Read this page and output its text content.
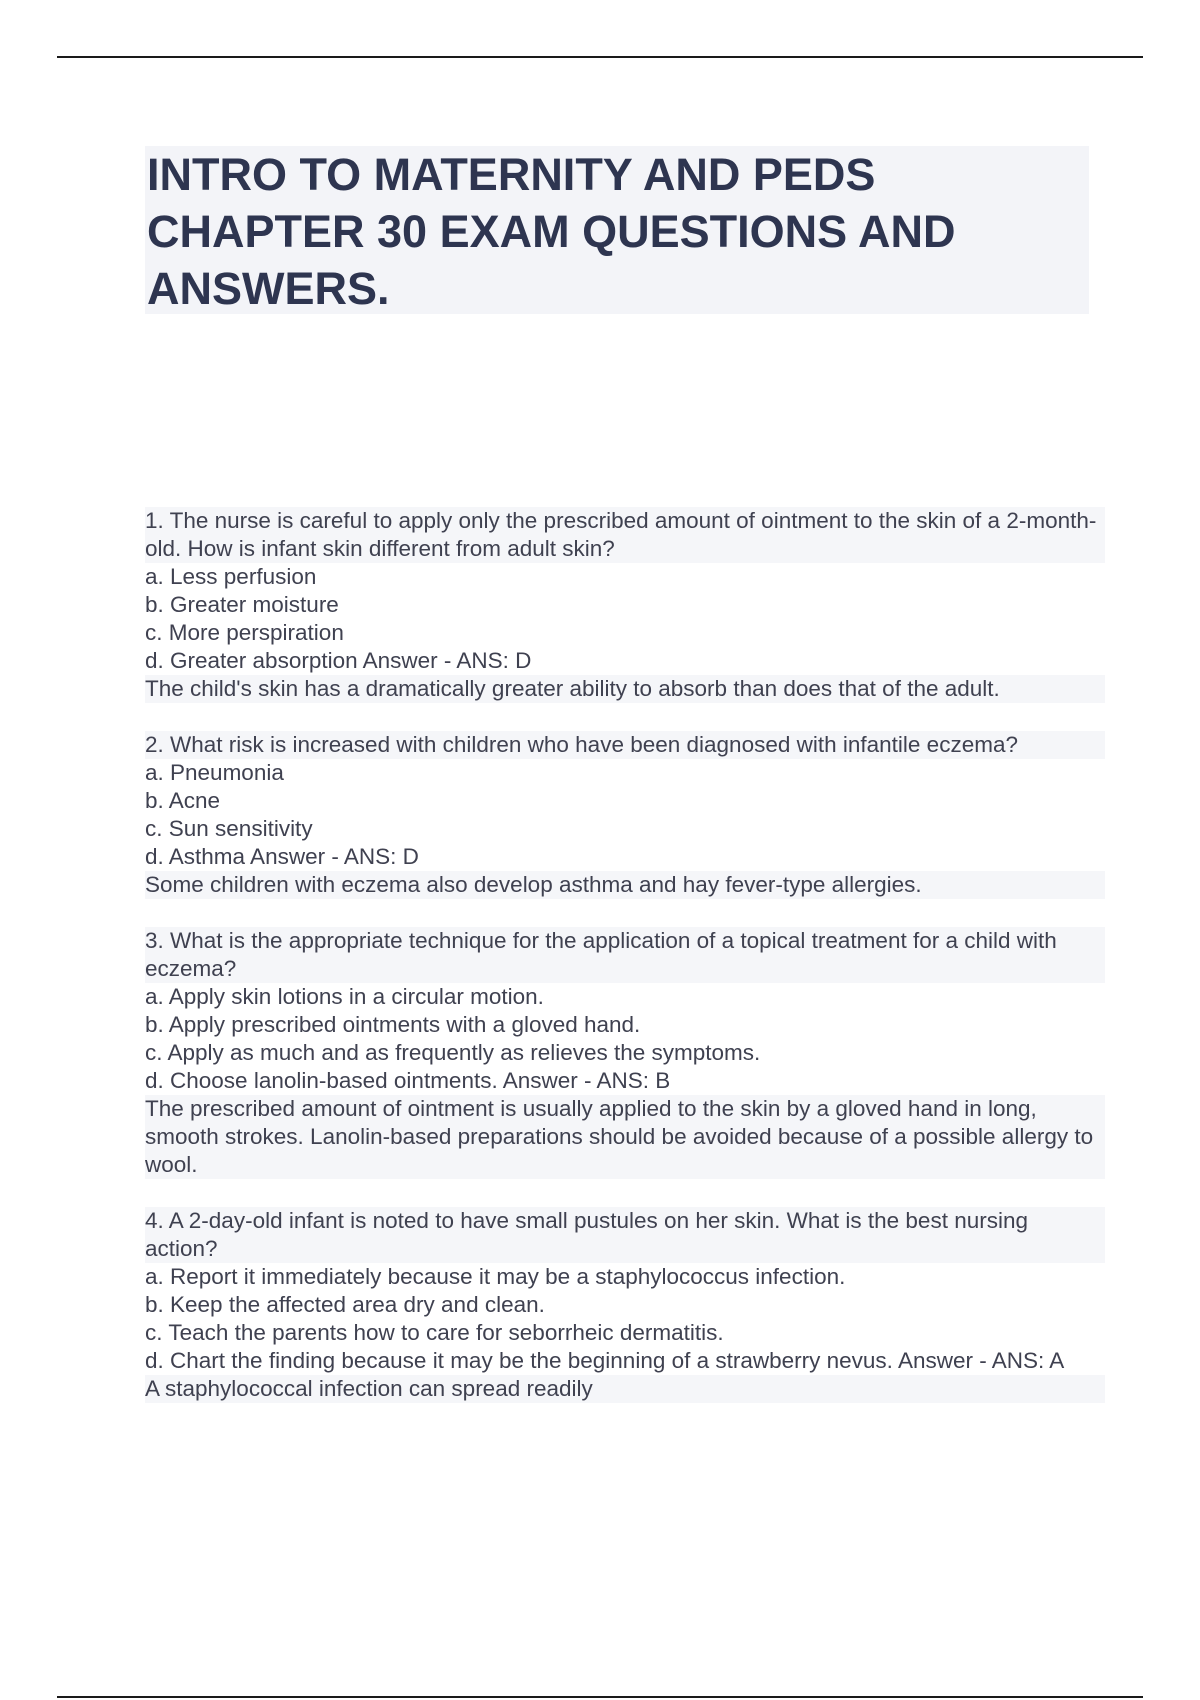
INTRO TO MATERNITY AND PEDS CHAPTER 30 EXAM QUESTIONS AND ANSWERS.
1. The nurse is careful to apply only the prescribed amount of ointment to the skin of a 2-month-old. How is infant skin different from adult skin?
a. Less perfusion
b. Greater moisture
c. More perspiration
d. Greater absorption Answer - ANS: D
The child's skin has a dramatically greater ability to absorb than does that of the adult.
2. What risk is increased with children who have been diagnosed with infantile eczema?
a. Pneumonia
b. Acne
c. Sun sensitivity
d. Asthma Answer - ANS: D
Some children with eczema also develop asthma and hay fever-type allergies.
3. What is the appropriate technique for the application of a topical treatment for a child with eczema?
a. Apply skin lotions in a circular motion.
b. Apply prescribed ointments with a gloved hand.
c. Apply as much and as frequently as relieves the symptoms.
d. Choose lanolin-based ointments. Answer - ANS: B
The prescribed amount of ointment is usually applied to the skin by a gloved hand in long, smooth strokes. Lanolin-based preparations should be avoided because of a possible allergy to wool.
4. A 2-day-old infant is noted to have small pustules on her skin. What is the best nursing action?
a. Report it immediately because it may be a staphylococcus infection.
b. Keep the affected area dry and clean.
c. Teach the parents how to care for seborrheic dermatitis.
d. Chart the finding because it may be the beginning of a strawberry nevus. Answer - ANS: A
A staphylococcal infection can spread readily
